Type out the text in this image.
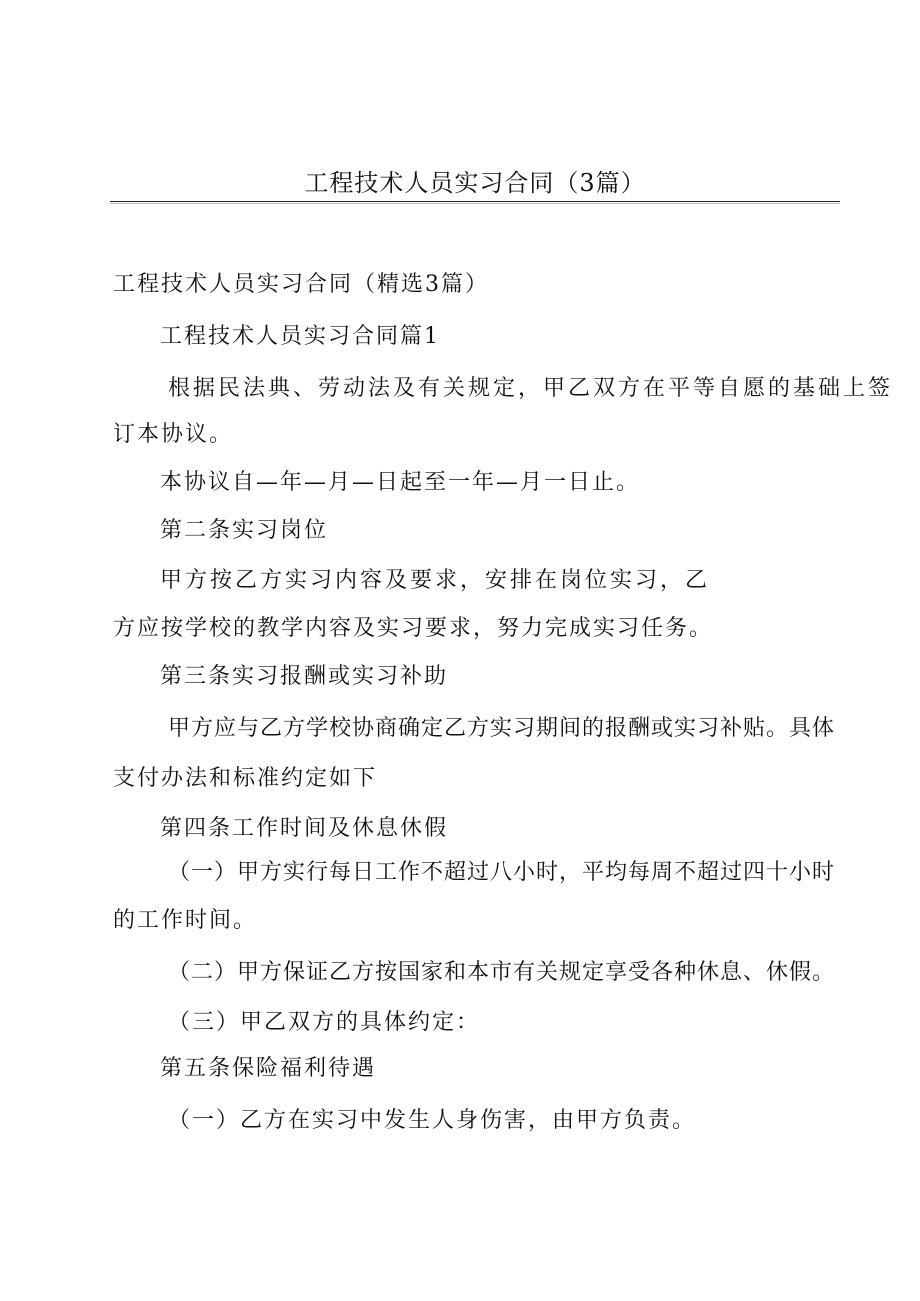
工程技术人员实习合同（3篇）
工程技术人员实习合同（精选3篇）
工程技术人员实习合同篇1
根据民法典、劳动法及有关规定，甲乙双方在平等自愿的基础上签
订本协议。
本协议自—年—月—日起至一年—月一日止。
第二条实习岗位
甲方按乙方实习内容及要求，安排在岗位实习，乙
方应按学校的教学内容及实习要求，努力完成实习任务。
第三条实习报酬或实习补助
甲方应与乙方学校协商确定乙方实习期间的报酬或实习补贴。具体
支付办法和标准约定如下
第四条工作时间及休息休假
（一）甲方实行每日工作不超过八小时，平均每周不超过四十小时
的工作时间。
（二）甲方保证乙方按国家和本市有关规定享受各种休息、休假。
（三）甲乙双方的具体约定：
第五条保险福利待遇
（一）乙方在实习中发生人身伤害，由甲方负责。
